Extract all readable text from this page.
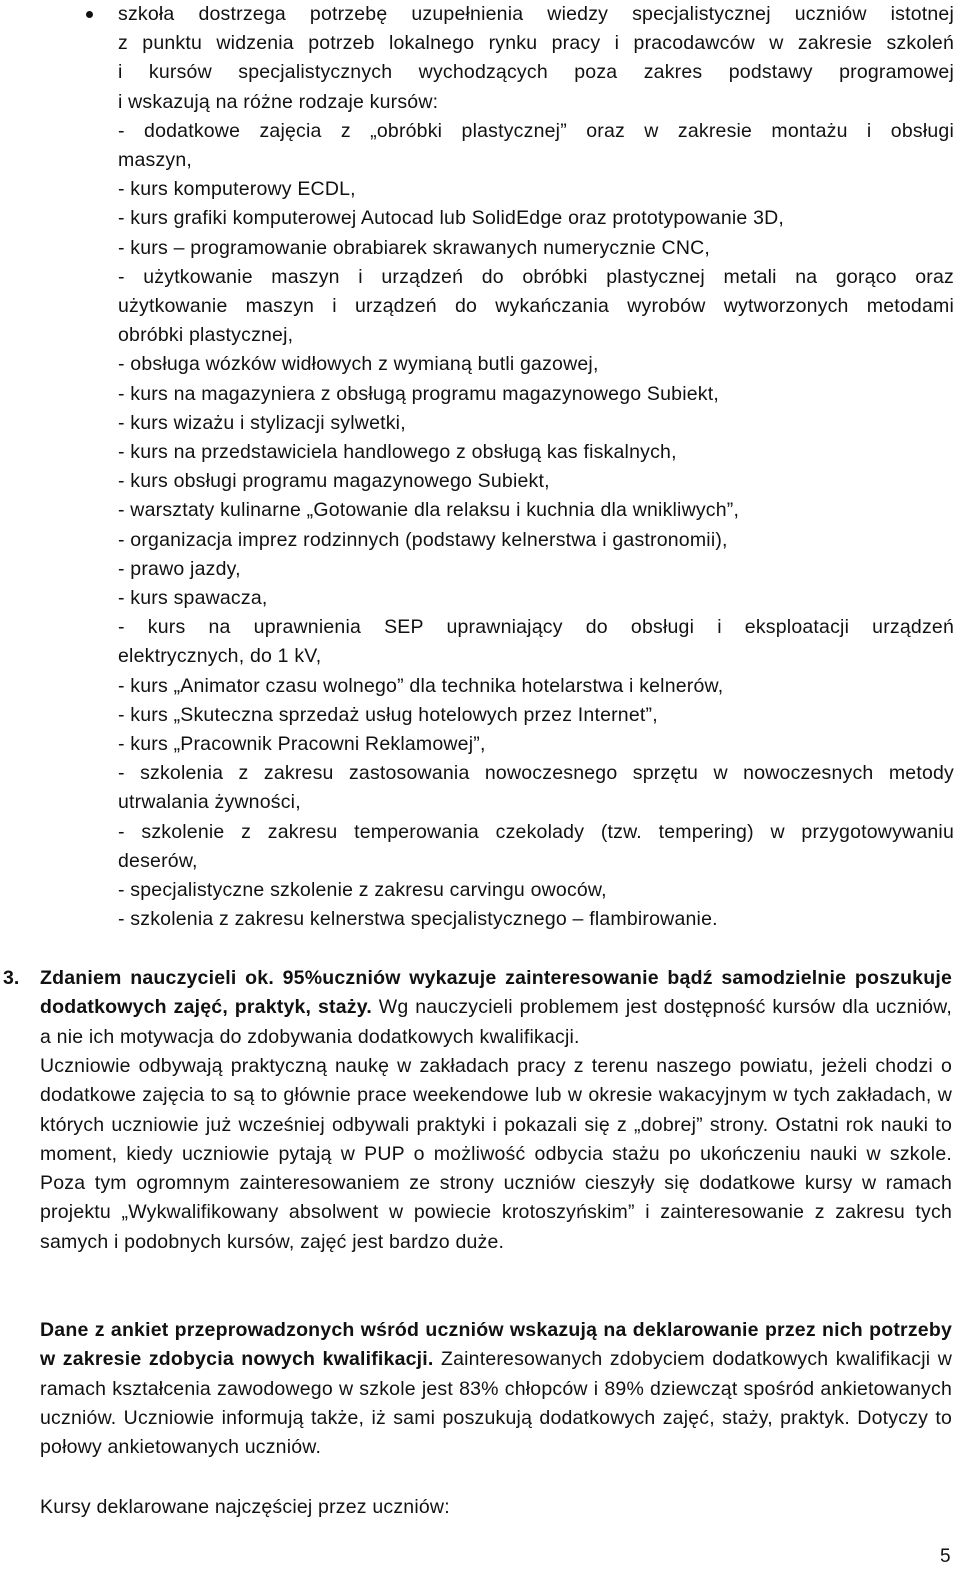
szkoła dostrzega potrzebę uzupełnienia wiedzy specjalistycznej uczniów istotnej
z punktu widzenia potrzeb lokalnego rynku pracy i pracodawców w zakresie szkoleń
i kursów specjalistycznych wychodzących poza zakres podstawy programowej
i wskazują na różne rodzaje kursów:
- dodatkowe zajęcia z „obróbki plastycznej” oraz w zakresie montażu i obsługi
maszyn,
- kurs komputerowy ECDL,
- kurs grafiki komputerowej Autocad lub SolidEdge oraz prototypowanie 3D,
- kurs – programowanie obrabiarek skrawanych numerycznie CNC,
- użytkowanie maszyn i urządzeń do obróbki plastycznej metali na gorąco oraz
użytkowanie maszyn i urządzeń do wykańczania wyrobów wytworzonych metodami
obróbki plastycznej,
- obsługa wózków widłowych z wymianą butli gazowej,
- kurs na magazyniera z obsługą programu magazynowego Subiekt,
- kurs wizażu i stylizacji sylwetki,
- kurs na przedstawiciela handlowego z obsługą kas fiskalnych,
- kurs obsługi programu magazynowego Subiekt,
- warsztaty kulinarne „Gotowanie dla relaksu i kuchnia dla wnikliwych”,
- organizacja imprez rodzinnych (podstawy kelnerstwa i gastronomii),
- prawo jazdy,
- kurs spawacza,
- kurs na uprawnienia SEP uprawniający do obsługi i eksploatacji urządzeń
elektrycznych, do 1 kV,
- kurs „Animator czasu wolnego” dla technika hotelarstwa i kelnerów,
- kurs „Skuteczna sprzedaż usług hotelowych przez Internet”,
- kurs „Pracownik Pracowni Reklamowej”,
- szkolenia z zakresu zastosowania nowoczesnego sprzętu w nowoczesnych metody
utrwalania żywności,
- szkolenie z zakresu temperowania czekolady (tzw. tempering) w przygotowywaniu
deserów,
- specjalistyczne szkolenie z zakresu carvingu owoców,
- szkolenia z zakresu kelnerstwa specjalistycznego – flambirowanie.
3. Zdaniem nauczycieli ok. 95%uczniów wykazuje zainteresowanie bądź samodzielnie poszukuje dodatkowych zajęć, praktyk, staży. Wg nauczycieli problemem jest dostępność kursów dla uczniów, a nie ich motywacja do zdobywania dodatkowych kwalifikacji.
Uczniowie odbywają praktyczną naukę w zakładach pracy z terenu naszego powiatu, jeżeli chodzi o dodatkowe zajęcia to są to głównie prace weekendowe lub w okresie wakacyjnym w tych zakładach, w których uczniowie już wcześniej odbywali praktyki i pokazali się z „dobrej” strony. Ostatni rok nauki to moment, kiedy uczniowie pytają w PUP o możliwość odbycia stażu po ukończeniu nauki w szkole. Poza tym ogromnym zainteresowaniem ze strony uczniów cieszyły się dodatkowe kursy w ramach projektu „Wykwalifikowany absolwent w powiecie krotoszyńskim” i zainteresowanie z zakresu tych samych i podobnych kursów, zajęć jest bardzo duże.
Dane z ankiet przeprowadzonych wśród uczniów wskazują na deklarowanie przez nich potrzeby w zakresie zdobycia nowych kwalifikacji. Zainteresowanych zdobyciem dodatkowych kwalifikacji w ramach kształcenia zawodowego w szkole jest 83% chłopców i 89% dziewcząt spośród ankietowanych uczniów. Uczniowie informują także, iż sami poszukują dodatkowych zajęć, staży, praktyk. Dotyczy to połowy ankietowanych uczniów.
Kursy deklarowane najczęściej przez uczniów:
5
